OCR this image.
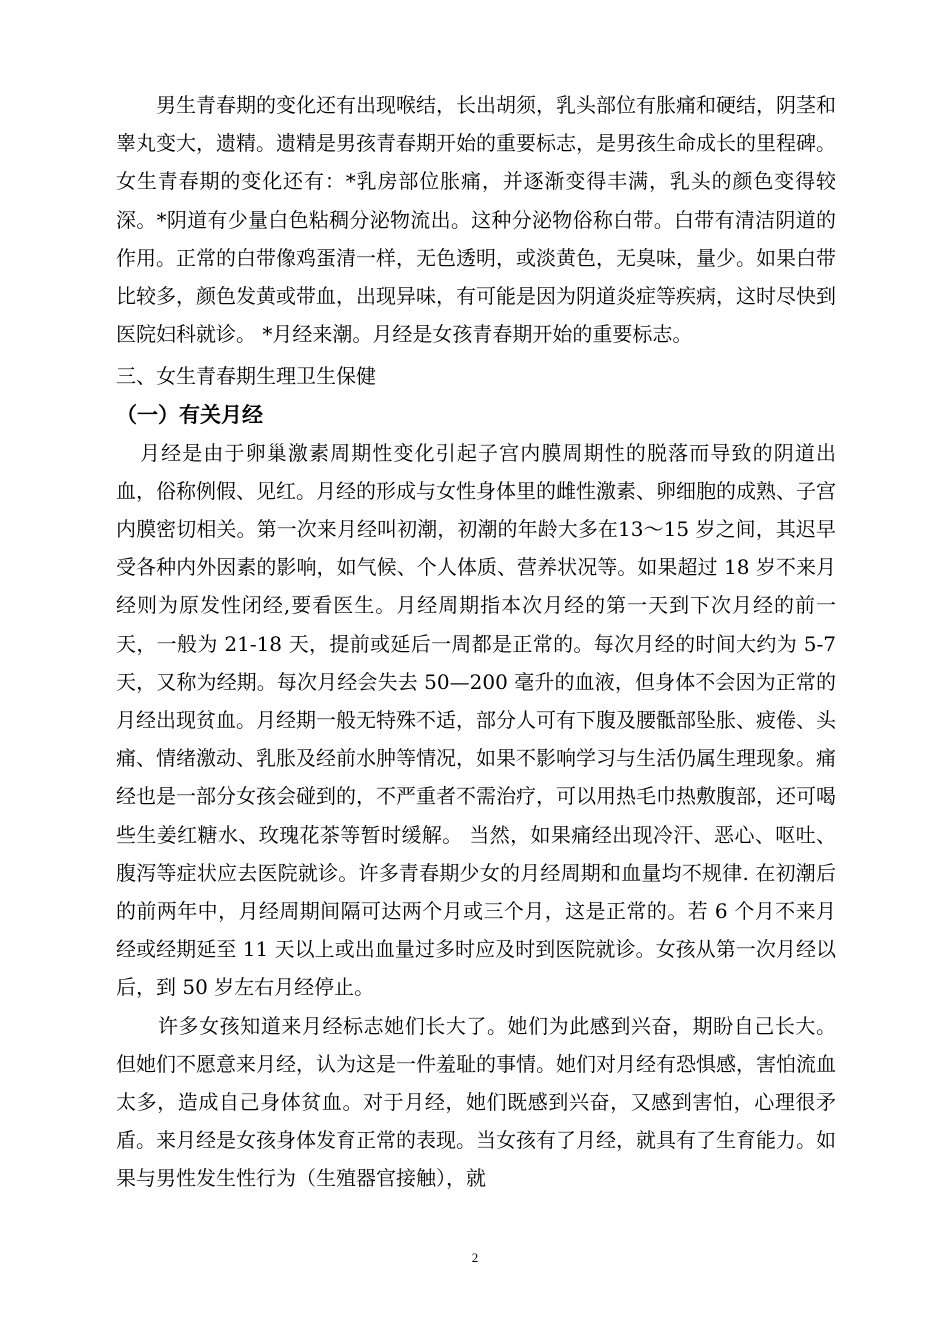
男生青春期的变化还有出现喉结，长出胡须，乳头部位有胀痛和硬结，阴茎和睾丸变大，遗精。遗精是男孩青春期开始的重要标志，是男孩生命成长的里程碑。女生青春期的变化还有：*乳房部位胀痛，并逐渐变得丰满，乳头的颜色变得较深。*阴道有少量白色粘稠分泌物流出。这种分泌物俗称白带。白带有清洁阴道的作用。正常的白带像鸡蛋清一样，无色透明，或淡黄色，无臭味，量少。如果白带比较多，颜色发黄或带血，出现异味，有可能是因为阴道炎症等疾病，这时尽快到医院妇科就诊。 *月经来潮。月经是女孩青春期开始的重要标志。

三、女生青春期生理卫生保健

（一）有关月经

月经是由于卵巢激素周期性变化引起子宫内膜周期性的脱落而导致的阴道出血，俗称例假、见红。月经的形成与女性身体里的雌性激素、卵细胞的成熟、子宫内膜密切相关。第一次来月经叫初潮，初潮的年龄大多在13～15 岁之间，其迟早受各种内外因素的影响，如气候、个人体质、营养状况等。如果超过 18 岁不来月经则为原发性闭经,要看医生。月经周期指本次月经的第一天到下次月经的前一天，一般为 21-18 天，提前或延后一周都是正常的。每次月经的时间大约为 5-7 天，又称为经期。每次月经会失去 50—200 毫升的血液，但身体不会因为正常的月经出现贫血。月经期一般无特殊不适，部分人可有下腹及腰骶部坠胀、疲倦、头痛、情绪激动、乳胀及经前水肿等情况，如果不影响学习与生活仍属生理现象。痛经也是一部分女孩会碰到的，不严重者不需治疗，可以用热毛巾热敷腹部，还可喝些生姜红糖水、玫瑰花茶等暂时缓解。 当然，如果痛经出现冷汗、恶心、呕吐、腹泻等症状应去医院就诊。许多青春期少女的月经周期和血量均不规律. 在初潮后的前两年中，月经周期间隔可达两个月或三个月，这是正常的。若 6 个月不来月经或经期延至 11 天以上或出血量过多时应及时到医院就诊。女孩从第一次月经以后，到 50 岁左右月经停止。

许多女孩知道来月经标志她们长大了。她们为此感到兴奋，期盼自己长大。但她们不愿意来月经，认为这是一件羞耻的事情。她们对月经有恐惧感，害怕流血太多，造成自己身体贫血。对于月经，她们既感到兴奋，又感到害怕，心理很矛盾。来月经是女孩身体发育正常的表现。当女孩有了月经，就具有了生育能力。如果与男性发生性行为（生殖器官接触），就

2
